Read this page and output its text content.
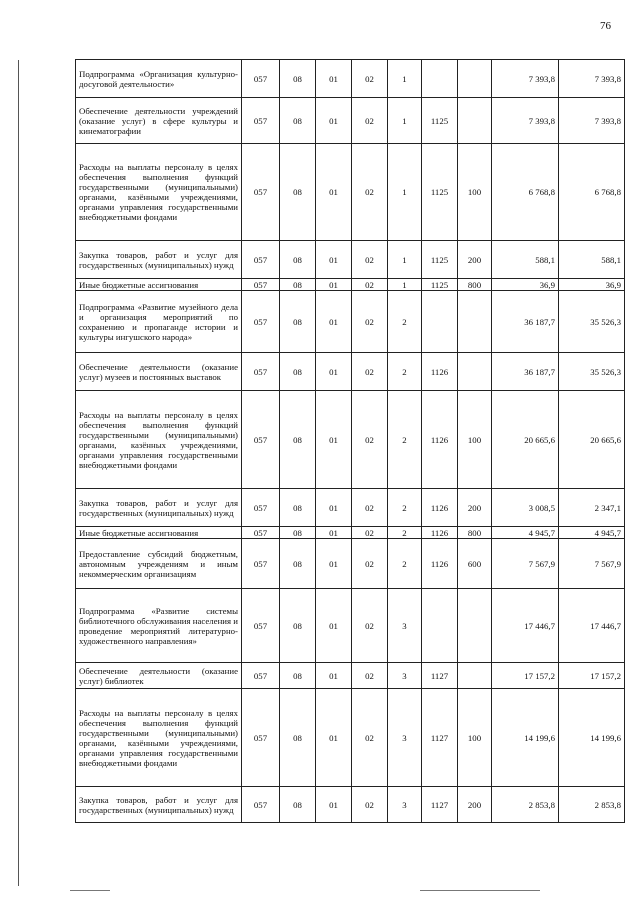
76
Подпрограмма «Организация культурно-досуговой деятельности»	057	08	01	02	1			7 393,8	7 393,8
Обеспечение деятельности учреждений (оказание услуг) в сфере культуры и кинематографии	057	08	01	02	1	1125		7 393,8	7 393,8
Расходы на выплаты персоналу в целях обеспечения выполнения функций государственными (муниципальными) органами, казёнными учреждениями, органами управления государственными внебюджетными фондами	057	08	01	02	1	1125	100	6 768,8	6 768,8
Закупка товаров, работ и услуг для государственных (муниципальных) нужд	057	08	01	02	1	1125	200	588,1	588,1
Иные бюджетные ассигнования	057	08	01	02	1	1125	800	36,9	36,9
Подпрограмма «Развитие музейного дела и организация мероприятий по сохранению и пропаганде истории и культуры ингушского народа»	057	08	01	02	2			36 187,7	35 526,3
Обеспечение деятельности (оказание услуг) музеев и постоянных выставок	057	08	01	02	2	1126		36 187,7	35 526,3
Расходы на выплаты персоналу в целях обеспечения выполнения функций государственными (муниципальными) органами, казённых учреждениями, органами управления государственными внебюджетными фондами	057	08	01	02	2	1126	100	20 665,6	20 665,6
Закупка товаров, работ и услуг для государственных (муниципальных) нужд	057	08	01	02	2	1126	200	3 008,5	2 347,1
Иные бюджетные ассигнования	057	08	01	02	2	1126	800	4 945,7	4 945,7
Предоставление субсидий бюджетным, автономным учреждениям и иным некоммерческим организациям	057	08	01	02	2	1126	600	7 567,9	7 567,9
Подпрограмма «Развитие системы библиотечного обслуживания населения и проведение мероприятий литературно-художественного направления»	057	08	01	02	3			17 446,7	17 446,7
Обеспечение деятельности (оказание услуг) библиотек	057	08	01	02	3	1127		17 157,2	17 157,2
Расходы на выплаты персоналу в целях обеспечения выполнения функций государственными (муниципальными) органами, казёнными учреждениями, органами управления государственными внебюджетными фондами	057	08	01	02	3	1127	100	14 199,6	14 199,6
Закупка товаров, работ и услуг для государственных (муниципальных) нужд	057	08	01	02	3	1127	200	2 853,8	2 853,8
